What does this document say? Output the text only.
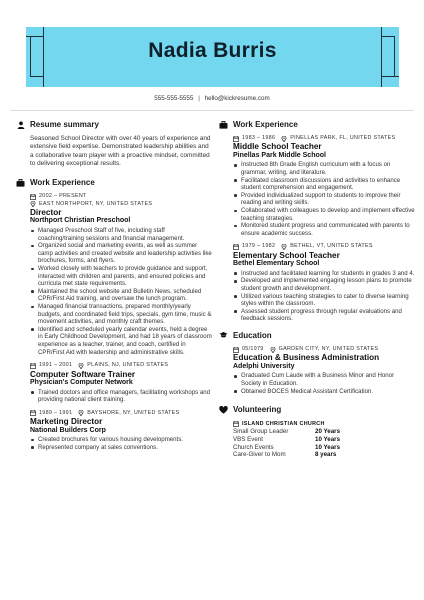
Nadia Burris
555-555-5555 | hello@kickresume.com
Resume summary

Seasoned School Director with over 40 years of experience and extensive field expertise. Demonstrated leadership abilities and a collaborative team player with a proactive mindset, committed to delivering exceptional results.

Work Experience
2002 – PRESENT
EAST NORTHPORT, NY, UNITED STATES
Director
Northport Christian Preschool
Managed Preschool Staff of five, including staff coaching/training sessions and financial management.
Organized social and marketing events, as well as summer camp activities and created website and leadership activities like brochures, forms, and flyers.
Worked closely with teachers to provide guidance and support, interacted with children and parents, and ensured policies and curricula met state requirements.
Maintained the school website and Bulletin News, scheduled CPR/First Aid training, and oversaw the lunch program.
Managed financial transactions, prepared monthly/yearly budgets, and coordinated field trips, specials, gym time, music & movement activities, and monthly craft themes.
Identified and scheduled yearly calendar events, held a degree in Early Childhood Development, and had 18 years of classroom experience as a teacher, trainer, and coach, certified in CPR/First Aid with leadership and administrative skills.
1991 – 2001	PLAINS, NJ, UNITED STATES
Computer Software Trainer
Physician's Computer Network
Trained doctors and office managers, facilitating workshops and providing national client training.
1989 – 1991	BAYSHORE, NY, UNITED STATES
Marketing Director
National Builders Corp
Created brochures for various housing developments.
Represented company at sales conventions.
Work Experience
1983 – 1986	PINELLAS PARK, FL, UNITED STATES
Middle School Teacher
Pinellas Park Middle School
Instructed 8th Grade English curriculum with a focus on grammar, writing, and literature.
Facilitated classroom discussions and activities to enhance student comprehension and engagement.
Provided individualized support to students to improve their reading and writing skills.
Collaborated with colleagues to develop and implement effective teaching strategies.
Monitored student progress and communicated with parents to ensure academic success.
1979 – 1982	BETHEL, VT, UNITED STATES
Elementary School Teacher
Bethel Elementary School
Instructed and facilitated learning for students in grades 3 and 4.
Developed and implemented engaging lesson plans to promote student growth and development.
Utilized various teaching strategies to cater to diverse learning styles within the classroom.
Assessed student progress through regular evaluations and feedback sessions.
Education
05/1979	GARDEN CITY, NY, UNITED STATES
Education & Business Administration
Adelphi University
Graduated Cum Laude with a Business Minor and Honor Society in Education.
Obtained BOCES Medical Assistant Certification.
Volunteering
ISLAND CHRISTIAN CHURCH
Small Group Leader	20 Years
VBS Event	10 Years
Church Events	10 Years
Care-Giver to Mom	8 years
